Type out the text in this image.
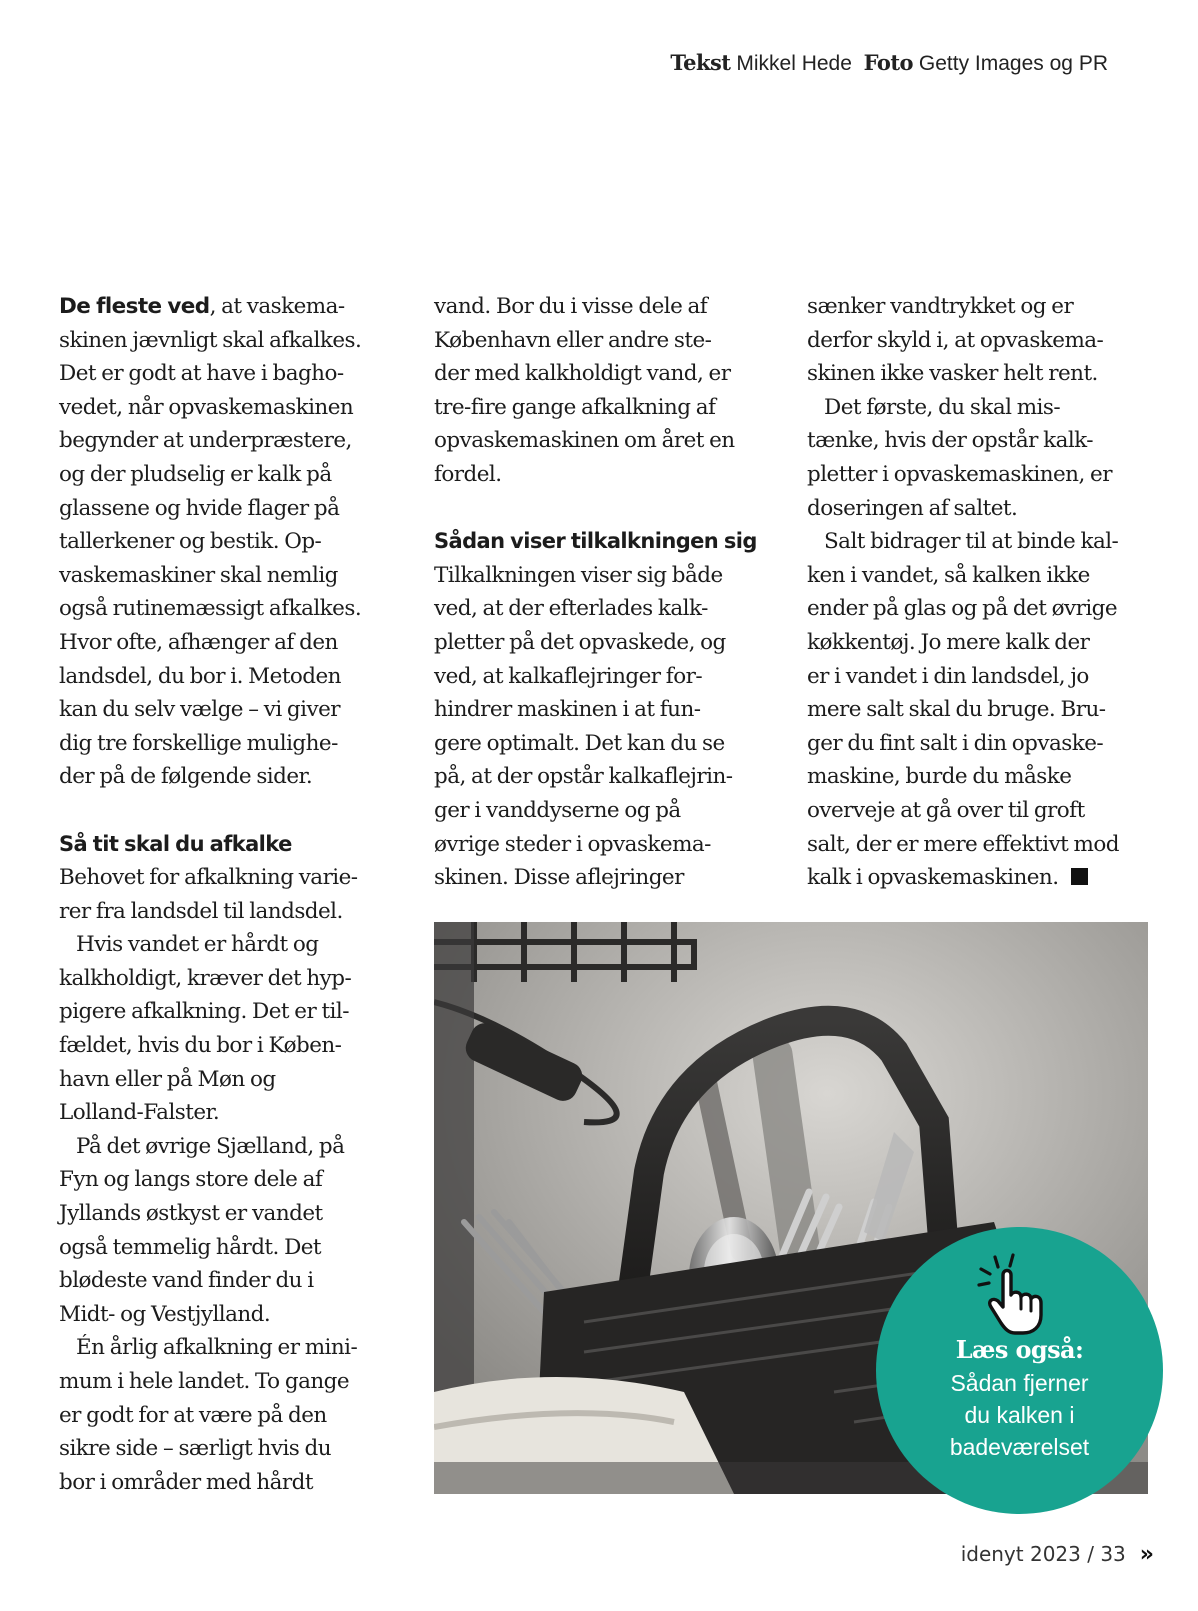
Tekst Mikkel Hede Foto Getty Images og PR

De fleste ved, at vaskema-

skinen jævnligt skal afkalkes.

Det er godt at have i bagho-

vedet, når opvaskemaskinen

begynder at underpræstere,

og der pludselig er kalk på

glassene og hvide flager på

tallerkener og bestik. Op-

vaskemaskiner skal nemlig

også rutinemæssigt afkalkes.

Hvor ofte, afhænger af den

landsdel, du bor i. Metoden

kan du selv vælge – vi giver

dig tre forskellige mulighe-

der på de følgende sider.

Så tit skal du afkalke

Behovet for afkalkning varie-

rer fra landsdel til landsdel.

Hvis vandet er hårdt og

kalkholdigt, kræver det hyp-

pigere afkalkning. Det er til-

fældet, hvis du bor i Køben-

havn eller på Møn og

Lolland-Falster.

På det øvrige Sjælland, på

Fyn og langs store dele af

Jyllands østkyst er vandet

også temmelig hårdt. Det

blødeste vand finder du i

Midt- og Vestjylland.

Én årlig afkalkning er mini-

mum i hele landet. To gange

er godt for at være på den

sikre side – særligt hvis du

bor i områder med hårdt

vand. Bor du i visse dele af

København eller andre ste-

der med kalkholdigt vand, er

tre-fire gange afkalkning af

opvaskemaskinen om året en

fordel.

Sådan viser tilkalkningen sig

Tilkalkningen viser sig både

ved, at der efterlades kalk-

pletter på det opvaskede, og

ved, at kalkaflejringer for-

hindrer maskinen i at fun-

gere optimalt. Det kan du se

på, at der opstår kalkaflejrin-

ger i vanddyserne og på

øvrige steder i opvaskema-

skinen. Disse aflejringer

sænker vandtrykket og er

derfor skyld i, at opvaskema-

skinen ikke vasker helt rent.

Det første, du skal mis-

tænke, hvis der opstår kalk-

pletter i opvaskemaskinen, er

doseringen af saltet.

Salt bidrager til at binde kal-

ken i vandet, så kalken ikke

ender på glas og på det øvrige

køkkentøj. Jo mere kalk der

er i vandet i din landsdel, jo

mere salt skal du bruge. Bru-

ger du fint salt i din opvaske-

maskine, burde du måske

overveje at gå over til groft

salt, der er mere effektivt mod

kalk i opvaskemaskinen.

Læs også:
Sådan fjerner
du kalken i
badeværelset
idenyt 2023 / 33 »
